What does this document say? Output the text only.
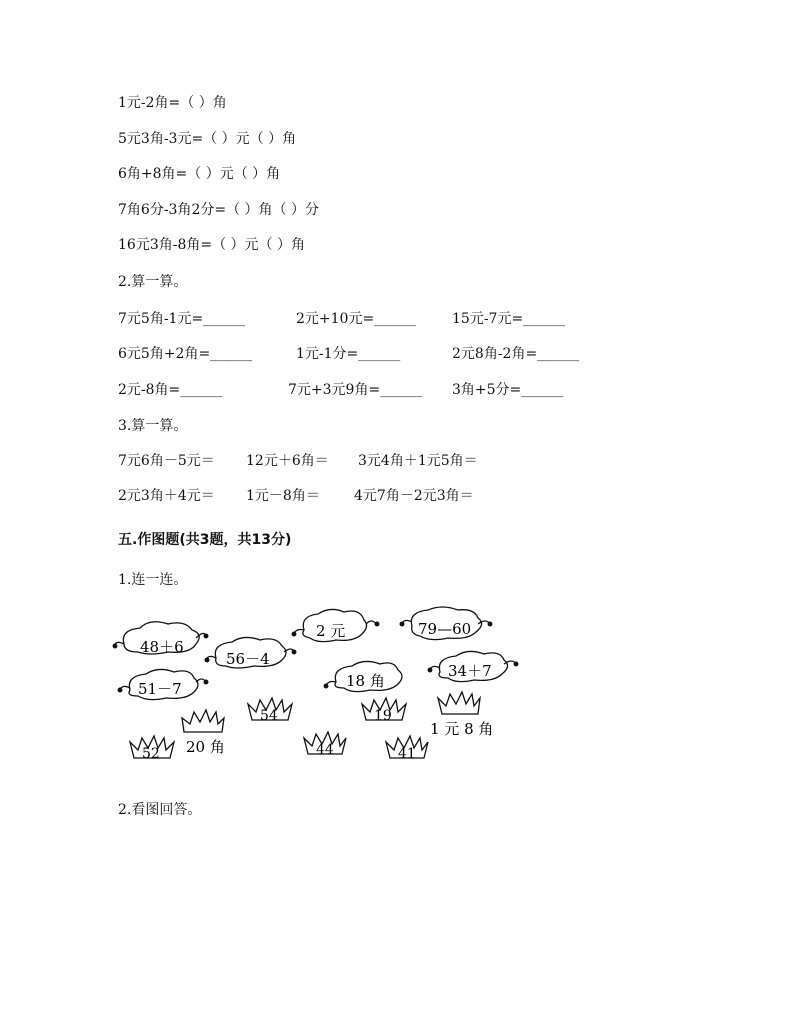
1元-2角=（ ）角
5元3角-3元=（ ）元（ ）角
6角+8角=（ ）元（ ）角
7角6分-3角2分=（ ）角（ ）分
16元3角-8角=（ ）元（ ）角
2.算一算。
7元5角-1元=______	2元+10元=______	15元-7元=______
6元5角+2角=______	1元-1分=______	2元8角-2角=______
2元-8角=______	7元+3元9角=______ 3角+5分=______
3.算一算。
7元6角－5元＝ 12元＋6角＝ 3元4角＋1元5角＝
2元3角＋4元＝ 1元－8角＝ 4元7角－2元3角＝
五.作图题(共3题，共13分)
1.连一连。
48＋6
56－4
2 元	79—60
51－7	18 角
34＋7
54	19
52	44	41
20 角
1 元 8 角
2.看图回答。
